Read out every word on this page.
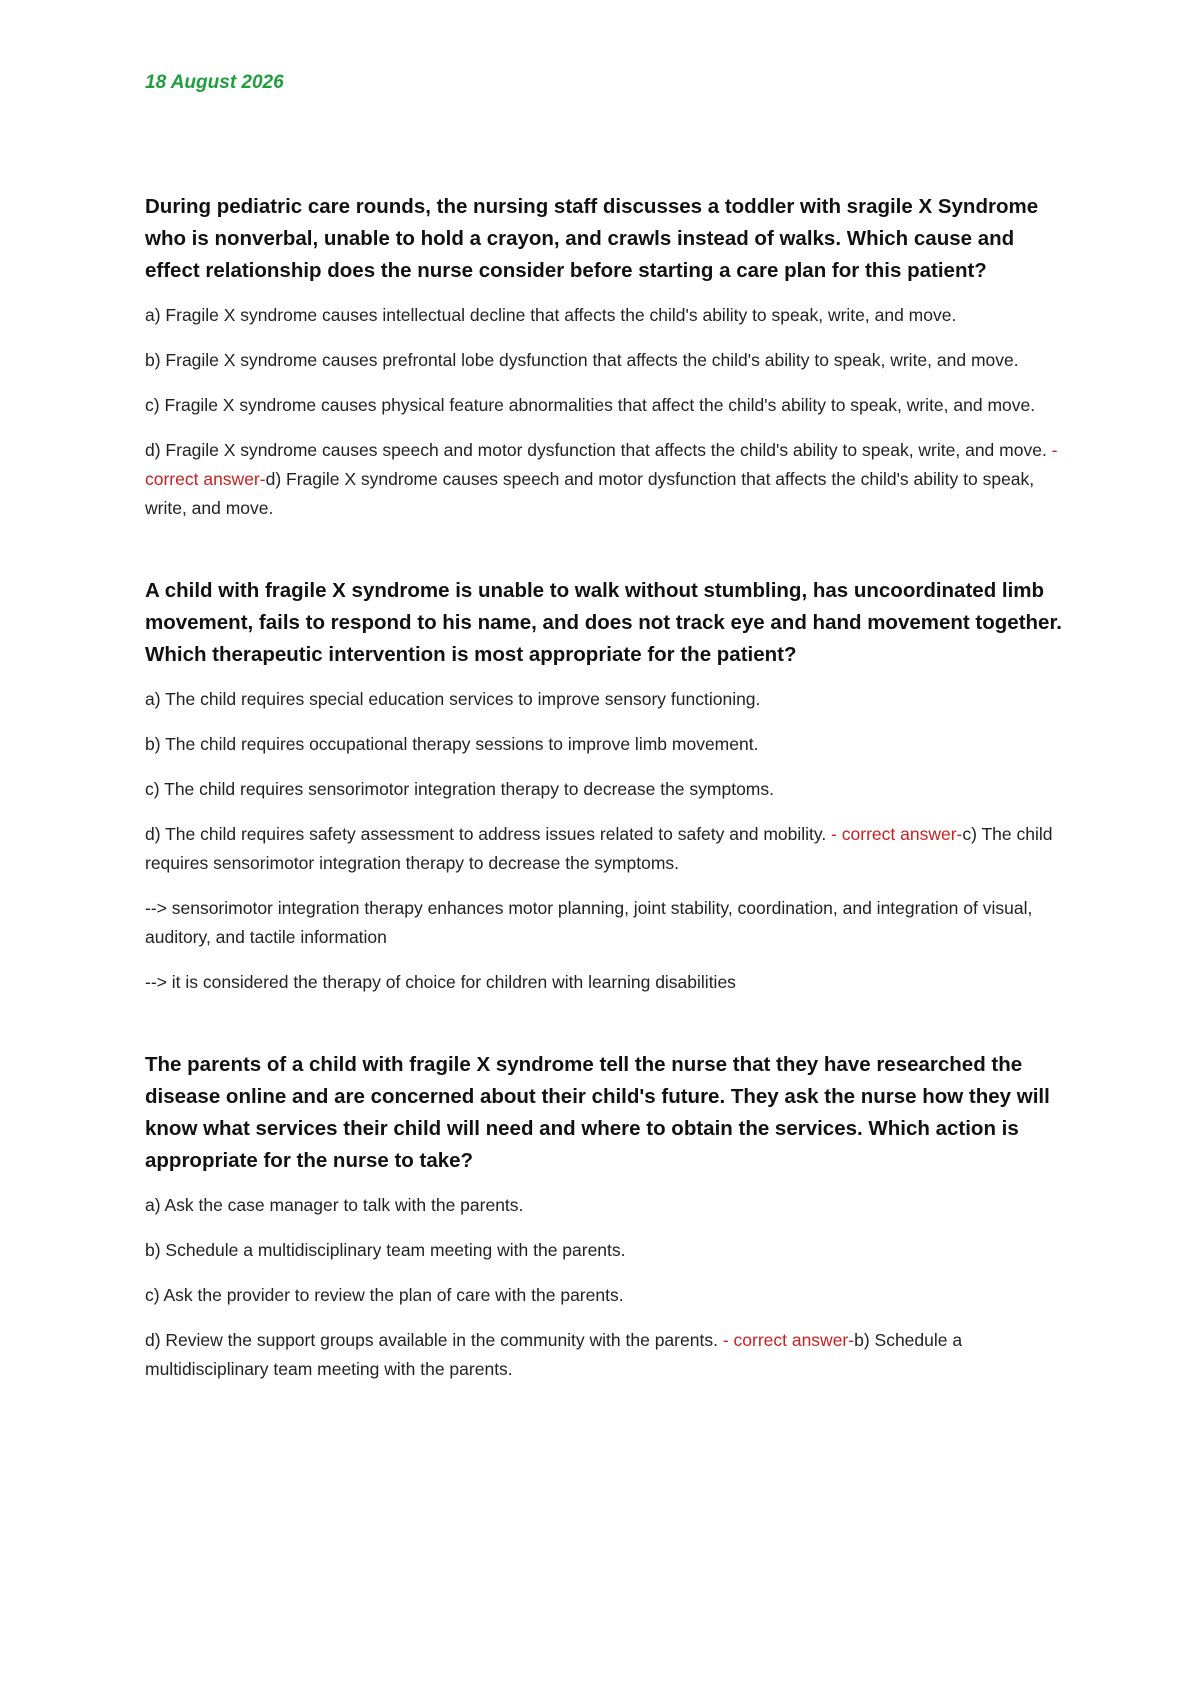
18 August 2026
During pediatric care rounds, the nursing staff discusses a toddler with sragile X Syndrome who is nonverbal, unable to hold a crayon, and crawls instead of walks. Which cause and effect relationship does the nurse consider before starting a care plan for this patient?
a) Fragile X syndrome causes intellectual decline that affects the child's ability to speak, write, and move.
b) Fragile X syndrome causes prefrontal lobe dysfunction that affects the child's ability to speak, write, and move.
c) Fragile X syndrome causes physical feature abnormalities that affect the child's ability to speak, write, and move.
d) Fragile X syndrome causes speech and motor dysfunction that affects the child's ability to speak, write, and move. - correct answer-d) Fragile X syndrome causes speech and motor dysfunction that affects the child's ability to speak, write, and move.
A child with fragile X syndrome is unable to walk without stumbling, has uncoordinated limb movement, fails to respond to his name, and does not track eye and hand movement together. Which therapeutic intervention is most appropriate for the patient?
a) The child requires special education services to improve sensory functioning.
b) The child requires occupational therapy sessions to improve limb movement.
c) The child requires sensorimotor integration therapy to decrease the symptoms.
d) The child requires safety assessment to address issues related to safety and mobility. - correct answer-c) The child requires sensorimotor integration therapy to decrease the symptoms.
--> sensorimotor integration therapy enhances motor planning, joint stability, coordination, and integration of visual, auditory, and tactile information
--> it is considered the therapy of choice for children with learning disabilities
The parents of a child with fragile X syndrome tell the nurse that they have researched the disease online and are concerned about their child's future. They ask the nurse how they will know what services their child will need and where to obtain the services. Which action is appropriate for the nurse to take?
a) Ask the case manager to talk with the parents.
b) Schedule a multidisciplinary team meeting with the parents.
c) Ask the provider to review the plan of care with the parents.
d) Review the support groups available in the community with the parents. - correct answer-b) Schedule a multidisciplinary team meeting with the parents.
